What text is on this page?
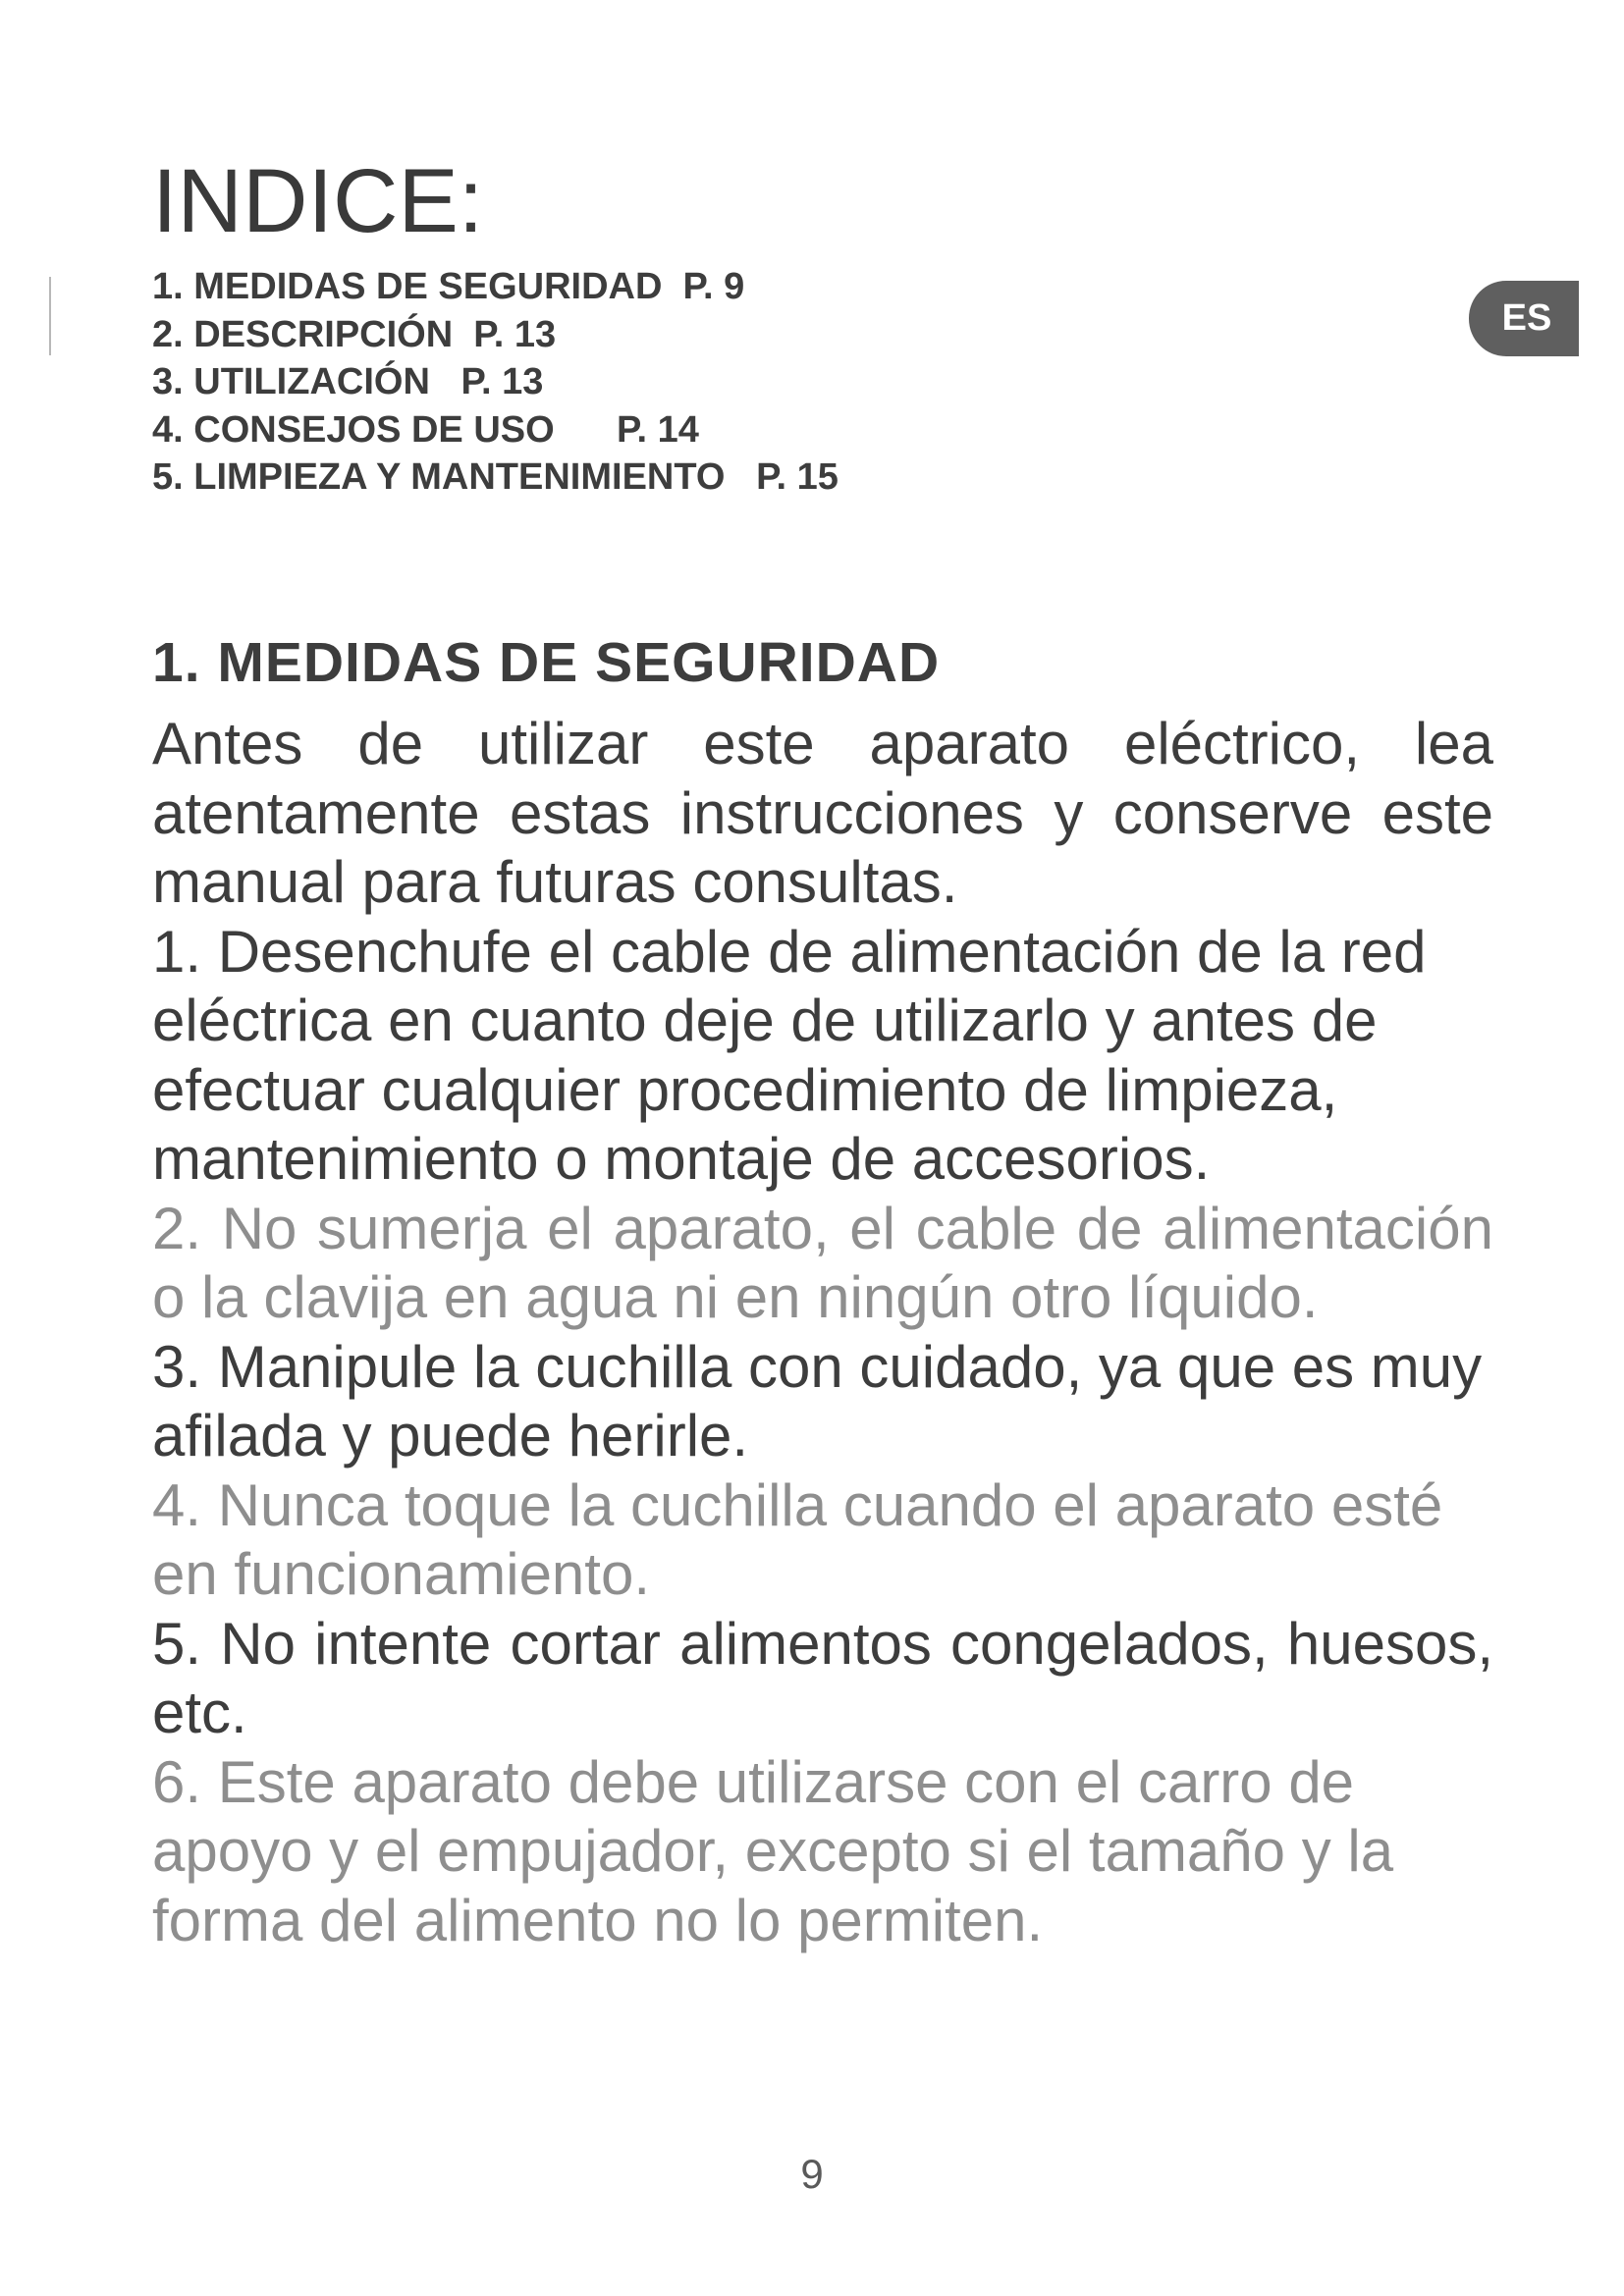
ES
INDICE:
1. MEDIDAS DE SEGURIDAD  P. 9
2. DESCRIPCIÓN  P. 13
3. UTILIZACIÓN   P. 13
4. CONSEJOS DE USO      P. 14
5. LIMPIEZA Y MANTENIMIENTO   P. 15
1. MEDIDAS DE SEGURIDAD

Antes de utilizar este aparato eléctrico, lea atentamente estas instrucciones y conserve este manual para futuras consultas.

1. Desenchufe el cable de alimentación de la red eléctrica en cuanto deje de utilizarlo y antes de efectuar cualquier procedimiento de limpieza, mantenimiento o montaje de accesorios.

2. No sumerja el aparato, el cable de alimentación o la clavija en agua ni en ningún otro líquido.

3. Manipule la cuchilla con cuidado, ya que es muy afilada y puede herirle.

4. Nunca toque la cuchilla cuando el aparato esté en funcionamiento.

5. No intente cortar alimentos congelados, huesos, etc.

6. Este aparato debe utilizarse con el carro de apoyo y el empujador, excepto si el tamaño y la forma del alimento no lo permiten.

9
